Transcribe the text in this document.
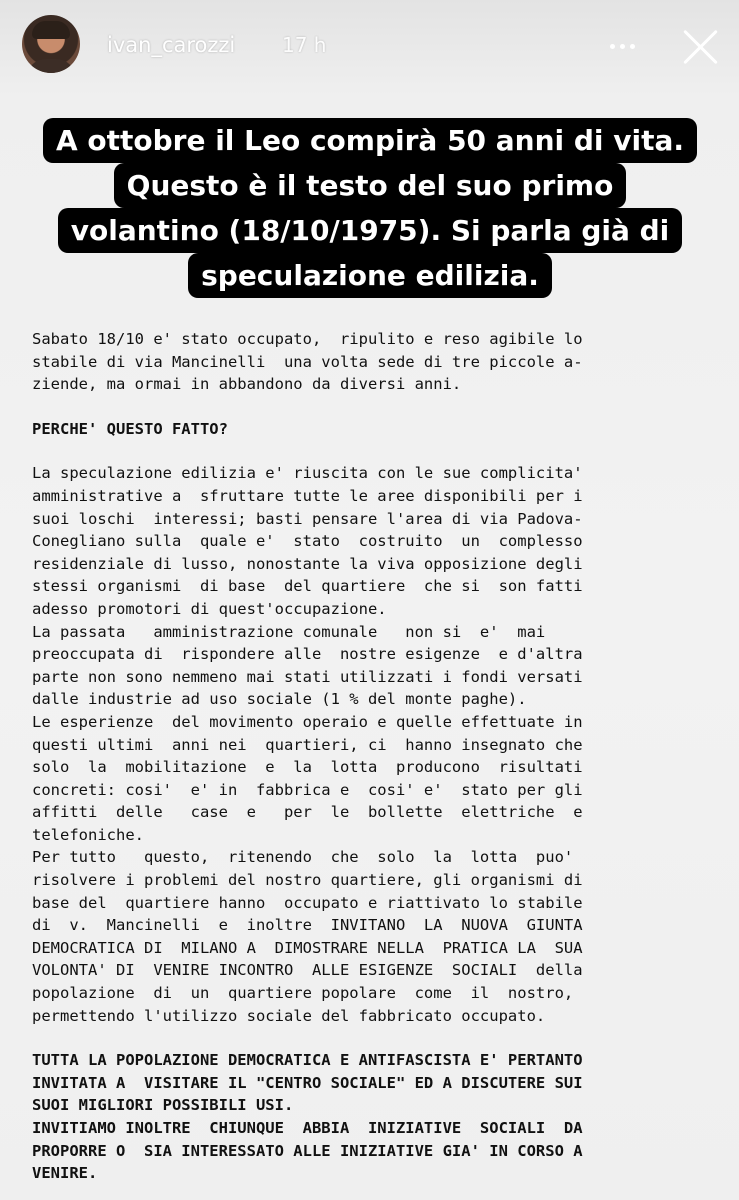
ivan_carozzi 17 h
A ottobre il Leo compirà 50 anni di vita.
Questo è il testo del suo primo
volantino (18/10/1975). Si parla già di
speculazione edilizia.

Sabato 18/10 e' stato occupato,  ripulito e reso agibile lo

stabile di via Mancinelli  una volta sede di tre piccole a-

ziende, ma ormai in abbandono da diversi anni.

PERCHE' QUESTO FATTO?

La speculazione edilizia e' riuscita con le sue complicita'

amministrative a  sfruttare tutte le aree disponibili per i

suoi loschi  interessi; basti pensare l'area di via Padova-

Conegliano sulla  quale e'  stato  costruito  un  complesso

residenziale di lusso, nonostante la viva opposizione degli

stessi organismi  di base  del quartiere  che si  son fatti

adesso promotori di quest'occupazione.

La passata   amministrazione comunale   non si  e'  mai

preoccupata di  rispondere alle  nostre esigenze  e d'altra

parte non sono nemmeno mai stati utilizzati i fondi versati

dalle industrie ad uso sociale (1 % del monte paghe).

Le esperienze  del movimento operaio e quelle effettuate in

questi ultimi  anni nei  quartieri, ci  hanno insegnato che

solo  la  mobilitazione  e  la  lotta  producono  risultati

concreti: cosi'  e' in  fabbrica e  cosi' e'  stato per gli

affitti  delle   case  e   per  le  bollette  elettriche  e

telefoniche.

Per tutto   questo,  ritenendo  che  solo  la  lotta  puo'

risolvere i problemi del nostro quartiere, gli organismi di

base del  quartiere hanno  occupato e riattivato lo stabile

di  v.  Mancinelli  e  inoltre  INVITANO  LA  NUOVA  GIUNTA

DEMOCRATICA DI  MILANO A  DIMOSTRARE NELLA  PRATICA LA  SUA

VOLONTA' DI  VENIRE INCONTRO  ALLE ESIGENZE  SOCIALI  della

popolazione  di  un  quartiere popolare  come  il  nostro,

permettendo l'utilizzo sociale del fabbricato occupato.

TUTTA LA POPOLAZIONE DEMOCRATICA E ANTIFASCISTA E' PERTANTO

INVITATA A  VISITARE IL "CENTRO SOCIALE" ED A DISCUTERE SUI

SUOI MIGLIORI POSSIBILI USI.

INVITIAMO INOLTRE  CHIUNQUE  ABBIA  INIZIATIVE  SOCIALI  DA

PROPORRE O  SIA INTERESSATO ALLE INIZIATIVE GIA' IN CORSO A

VENIRE.
